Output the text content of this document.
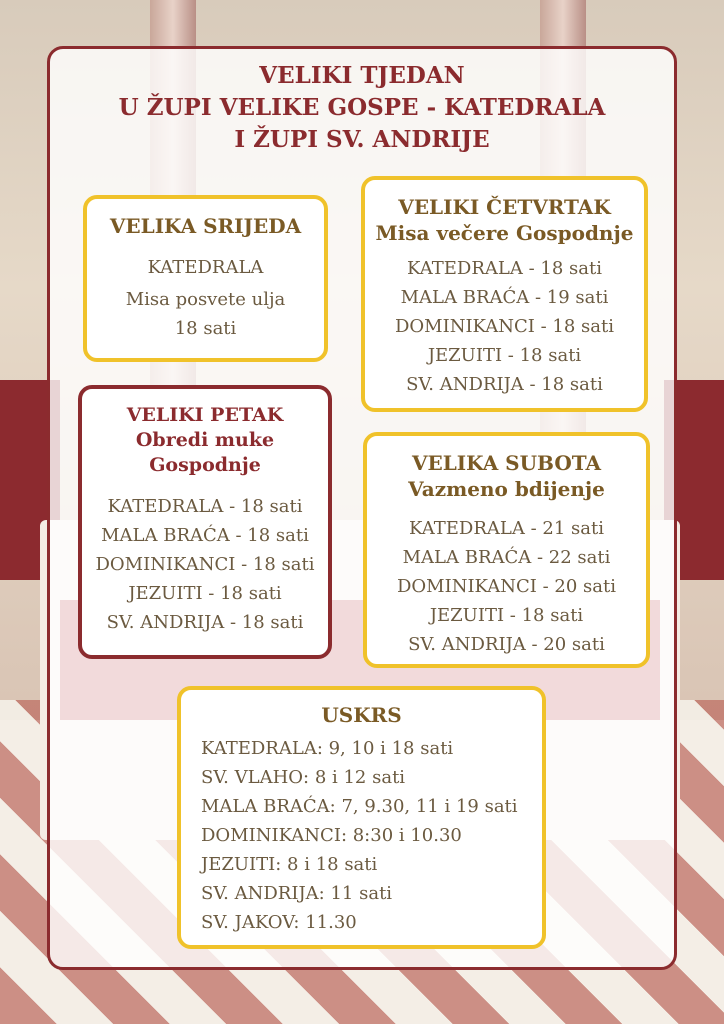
VELIKI TJEDAN
U ŽUPI VELIKE GOSPE - KATEDRALA
I ŽUPI SV. ANDRIJE
VELIKA SRIJEDA
KATEDRALA
Misa posvete ulja
18 sati
VELIKI ČETVRTAK
Misa večere Gospodnje
KATEDRALA - 18 sati
MALA BRAĆA - 19 sati
DOMINIKANCI - 18 sati
JEZUITI - 18 sati
SV. ANDRIJA - 18 sati
VELIKI PETAK
Obredi muke
Gospodnje
KATEDRALA - 18 sati
MALA BRAĆA - 18 sati
DOMINIKANCI - 18 sati
JEZUITI - 18 sati
SV. ANDRIJA - 18 sati
VELIKA SUBOTA
Vazmeno bdijenje
KATEDRALA - 21 sati
MALA BRAĆA - 22 sati
DOMINIKANCI - 20 sati
JEZUITI - 18 sati
SV. ANDRIJA - 20 sati
USKRS
KATEDRALA: 9, 10 i 18 sati
SV. VLAHO: 8 i 12 sati
MALA BRAĆA: 7, 9.30, 11 i 19 sati
DOMINIKANCI: 8:30 i 10.30
JEZUITI: 8 i 18 sati
SV. ANDRIJA: 11 sati
SV. JAKOV: 11.30
